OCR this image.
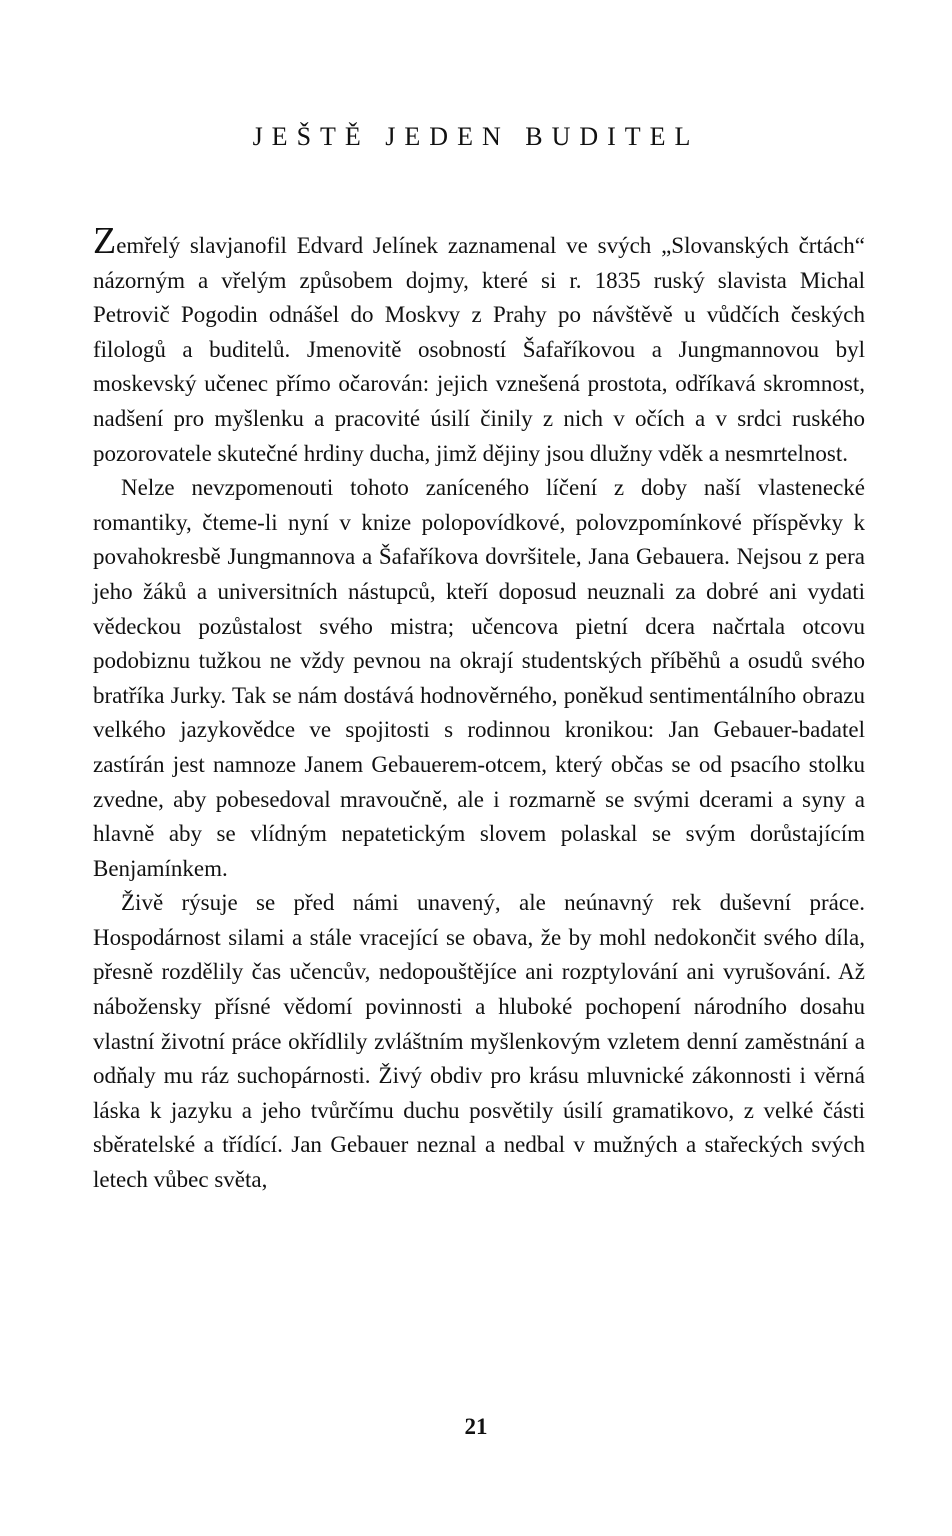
JEŠTĚ JEDEN BUDITEL

Zemřelý slavjanofil Edvard Jelínek zaznamenal ve svých „Slovanských črtách“ názorným a vřelým způsobem dojmy, které si r. 1835 ruský slavista Michal Petrovič Pogodin odnášel do Moskvy z Prahy po návštěvě u vůdčích českých filologů a buditelů. Jmenovitě osobností Šafaříkovou a Jungmannovou byl moskevský učenec přímo očarován: jejich vznešená prostota, odříkavá skromnost, nadšení pro myšlenku a pracovité úsilí činily z nich v očích a v srdci ruského pozorovatele skutečné hrdiny ducha, jimž dějiny jsou dlužny vděk a nesmrtelnost.

Nelze nevzpomenouti tohoto zaníceného líčení z doby naší vlastenecké romantiky, čteme-li nyní v knize polopovídkové, polovzpomínkové příspěvky k povahokresbě Jungmannova a Šafaříkova dovršitele, Jana Gebauera. Nejsou z pera jeho žáků a universitních nástupců, kteří doposud neuznali za dobré ani vydati vědeckou pozůstalost svého mistra; učencova pietní dcera načrtala otcovu podobiznu tužkou ne vždy pevnou na okrají studentských příběhů a osudů svého bratříka Jurky. Tak se nám dostává hodnověrného, poněkud sentimentálního obrazu velkého jazykovědce ve spojitosti s rodinnou kronikou: Jan Gebauer-badatel zastírán jest namnoze Janem Gebauerem-otcem, který občas se od psacího stolku zvedne, aby pobesedoval mravoučně, ale i rozmarně se svými dcerami a syny a hlavně aby se vlídným nepatetickým slovem polaskal se svým dorůstajícím Benjamínkem.

Živě rýsuje se před námi unavený, ale neúnavný rek duševní práce. Hospodárnost silami a stále vracející se obava, že by mohl nedokončit svého díla, přesně rozdělily čas učencův, nedopouštějíce ani rozptylování ani vyrušování. Až nábožensky přísné vědomí povinnosti a hluboké pochopení národního dosahu vlastní životní práce okřídlily zvláštním myšlenkovým vzletem denní zaměstnání a odňaly mu ráz suchopárnosti. Živý obdiv pro krásu mluvnické zákonnosti i věrná láska k jazyku a jeho tvůrčímu duchu posvětily úsilí gramatikovo, z velké části sběratelské a třídící. Jan Gebauer neznal a nedbal v mužných a stařeckých svých letech vůbec světa,

21
